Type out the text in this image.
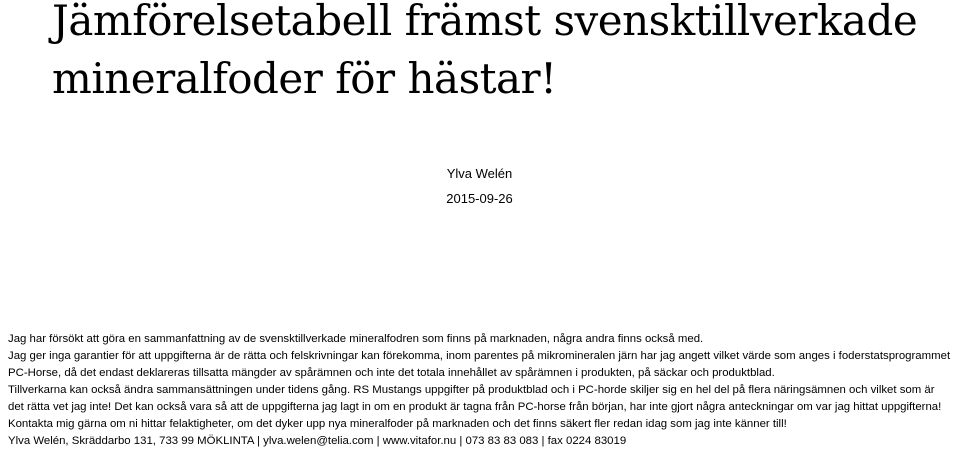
Jämförelsetabell främst svensktillverkade mineralfoder för hästar!
Ylva Welén
2015-09-26

Jag har försökt att göra en sammanfattning av de svensktillverkade mineralfodren som finns på marknaden, några andra finns också med.

Jag ger inga garantier för att uppgifterna är de rätta och felskrivningar kan förekomma, inom parentes på mikromineralen järn har jag angett vilket värde som anges i foderstatsprogrammet PC-Horse, då det endast deklareras tillsatta mängder av spårämnen och inte det totala innehållet av spårämnen i produkten, på säckar och produktblad.

Tillverkarna kan också ändra sammansättningen under tidens gång. RS Mustangs uppgifter på produktblad och i PC-horde skiljer sig en hel del på flera näringsämnen och vilket som är det rätta vet jag inte! Det kan också vara så att de uppgifterna jag lagt in om en produkt är tagna från PC-horse från början, har inte gjort några anteckningar om var jag hittat uppgifterna!

Kontakta mig gärna om ni hittar felaktigheter, om det dyker upp nya mineralfoder på marknaden och det finns säkert fler redan idag som jag inte känner till!

Ylva Welén, Skräddarbo 131, 733 99 MÖKLINTA | ylva.welen@telia.com | www.vitafor.nu | 073 83 83 083 | fax 0224 83019
